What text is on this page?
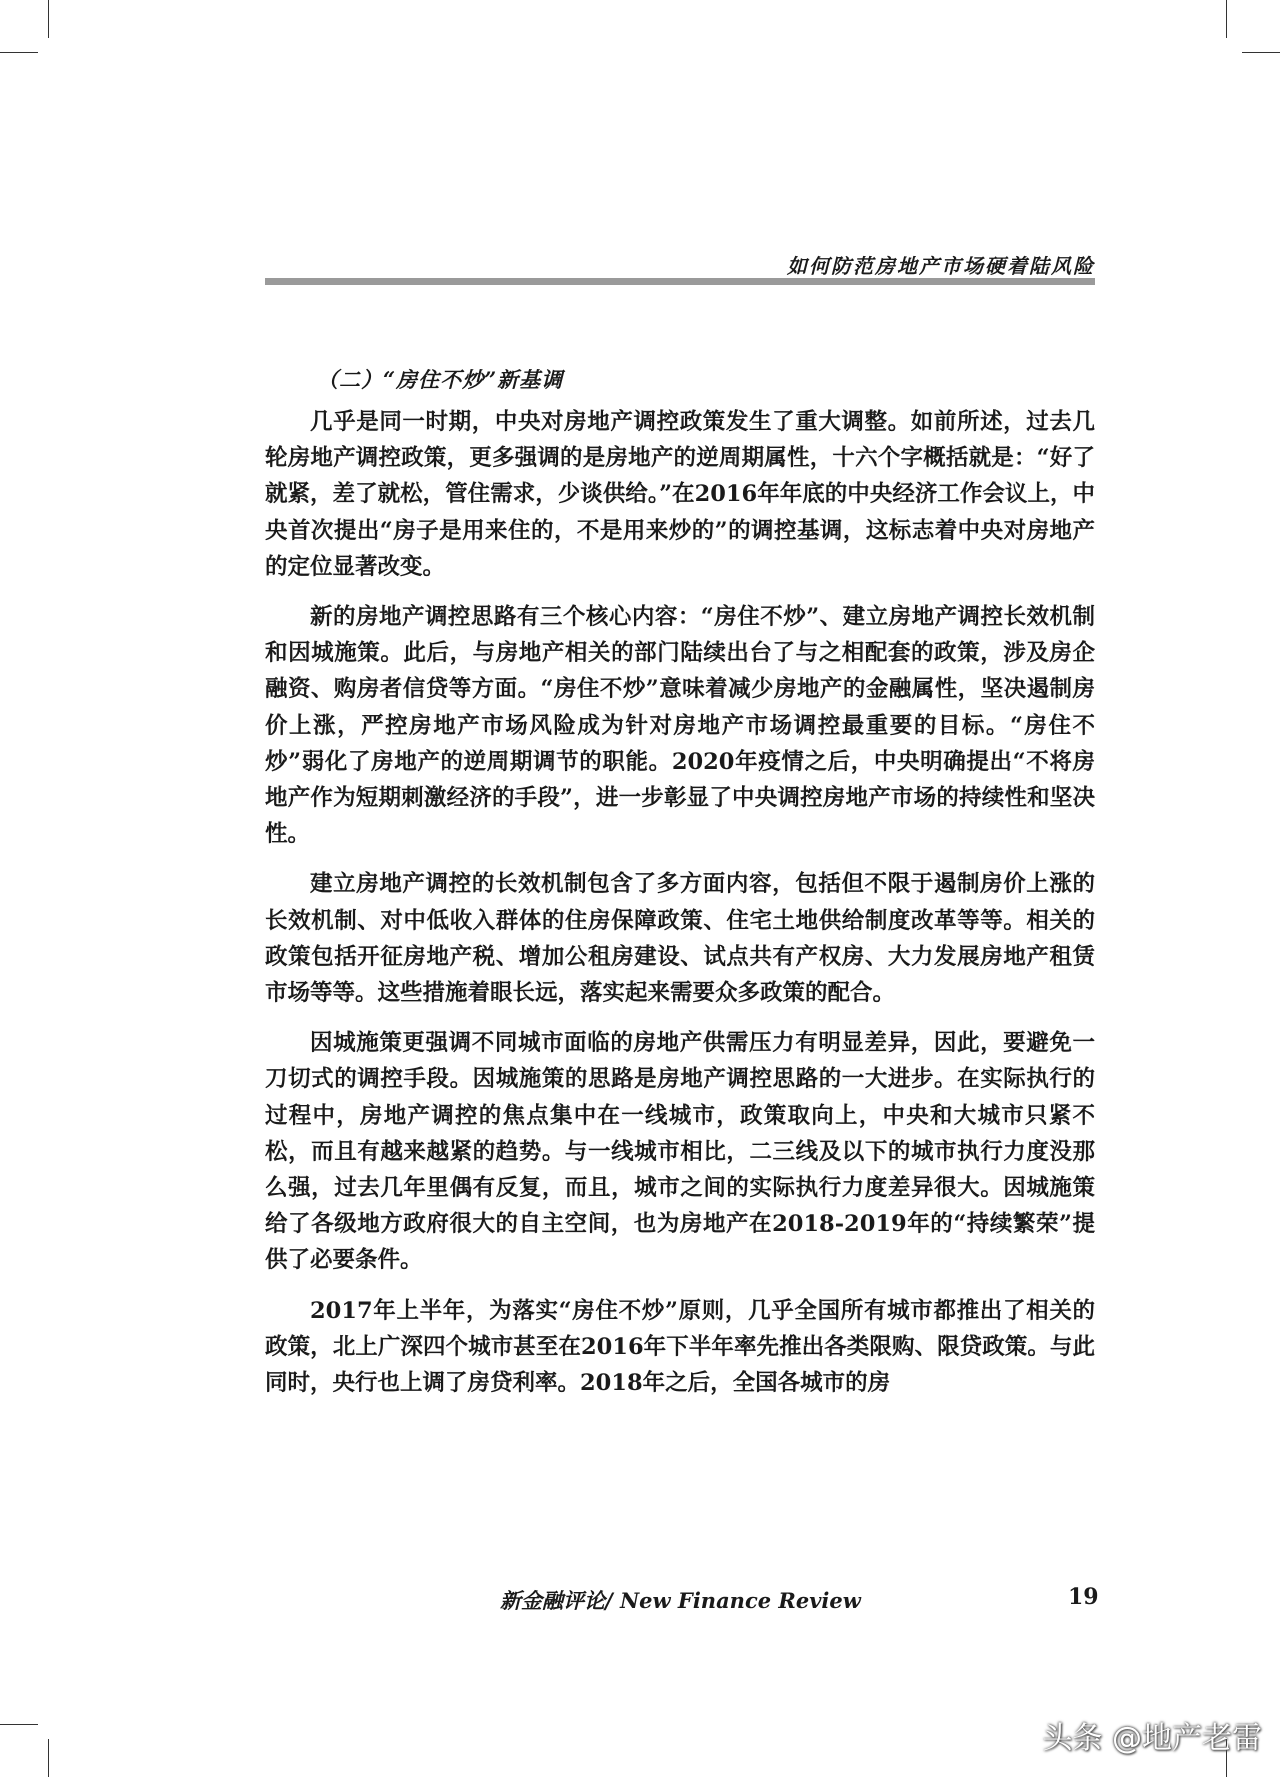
如何防范房地产市场硬着陆风险

（二）“房住不炒”新基调

几乎是同一时期，中央对房地产调控政策发生了重大调整。如前所述，过去几轮房地产调控政策，更多强调的是房地产的逆周期属性，十六个字概括就是：“好了就紧，差了就松，管住需求，少谈供给。”在2016年年底的中央经济工作会议上，中央首次提出“房子是用来住的，不是用来炒的”的调控基调，这标志着中央对房地产的定位显著改变。

新的房地产调控思路有三个核心内容：“房住不炒”、建立房地产调控长效机制和因城施策。此后，与房地产相关的部门陆续出台了与之相配套的政策，涉及房企融资、购房者信贷等方面。“房住不炒”意味着减少房地产的金融属性，坚决遏制房价上涨，严控房地产市场风险成为针对房地产市场调控最重要的目标。“房住不炒”弱化了房地产的逆周期调节的职能。2020年疫情之后，中央明确提出“不将房地产作为短期刺激经济的手段”，进一步彰显了中央调控房地产市场的持续性和坚决性。

建立房地产调控的长效机制包含了多方面内容，包括但不限于遏制房价上涨的长效机制、对中低收入群体的住房保障政策、住宅土地供给制度改革等等。相关的政策包括开征房地产税、增加公租房建设、试点共有产权房、大力发展房地产租赁市场等等。这些措施着眼长远，落实起来需要众多政策的配合。

因城施策更强调不同城市面临的房地产供需压力有明显差异，因此，要避免一刀切式的调控手段。因城施策的思路是房地产调控思路的一大进步。在实际执行的过程中，房地产调控的焦点集中在一线城市，政策取向上，中央和大城市只紧不松，而且有越来越紧的趋势。与一线城市相比，二三线及以下的城市执行力度没那么强，过去几年里偶有反复，而且，城市之间的实际执行力度差异很大。因城施策给了各级地方政府很大的自主空间，也为房地产在2018-2019年的“持续繁荣”提供了必要条件。

2017年上半年，为落实“房住不炒”原则，几乎全国所有城市都推出了相关的政策，北上广深四个城市甚至在2016年下半年率先推出各类限购、限贷政策。与此同时，央行也上调了房贷利率。2018年之后，全国各城市的房

新金融评论/ New Finance Review	19
头条 @地产老雷
